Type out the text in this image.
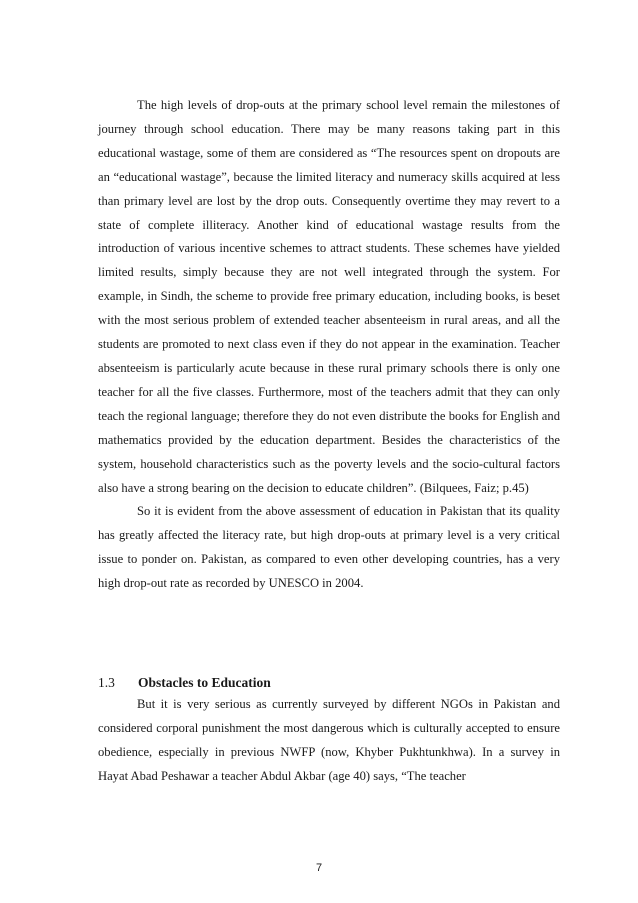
The high levels of drop-outs at the primary school level remain the milestones of journey through school education. There may be many reasons taking part in this educational wastage, some of them are considered as “The resources spent on dropouts are an “educational wastage”, because the limited literacy and numeracy skills acquired at less than primary level are lost by the drop outs. Consequently overtime they may revert to a state of complete illiteracy. Another kind of educational wastage results from the introduction of various incentive schemes to attract students. These schemes have yielded limited results, simply because they are not well integrated through the system. For example, in Sindh, the scheme to provide free primary education, including books, is beset with the most serious problem of extended teacher absenteeism in rural areas, and all the students are promoted to next class even if they do not appear in the examination. Teacher absenteeism is particularly acute because in these rural primary schools there is only one teacher for all the five classes. Furthermore, most of the teachers admit that they can only teach the regional language; therefore they do not even distribute the books for English and mathematics provided by the education department. Besides the characteristics of the system, household characteristics such as the poverty levels and the socio-cultural factors also have a strong bearing on the decision to educate children”. (Bilquees, Faiz; p.45)

So it is evident from the above assessment of education in Pakistan that its quality has greatly affected the literacy rate, but high drop-outs at primary level is a very critical issue to ponder on. Pakistan, as compared to even other developing countries, has a very high drop-out rate as recorded by UNESCO in 2004.

1.3 Obstacles to Education

But it is very serious as currently surveyed by different NGOs in Pakistan and considered corporal punishment the most dangerous which is culturally accepted to ensure obedience, especially in previous NWFP (now, Khyber Pukhtunkhwa). In a survey in Hayat Abad Peshawar a teacher Abdul Akbar (age 40) says, “The teacher

7
